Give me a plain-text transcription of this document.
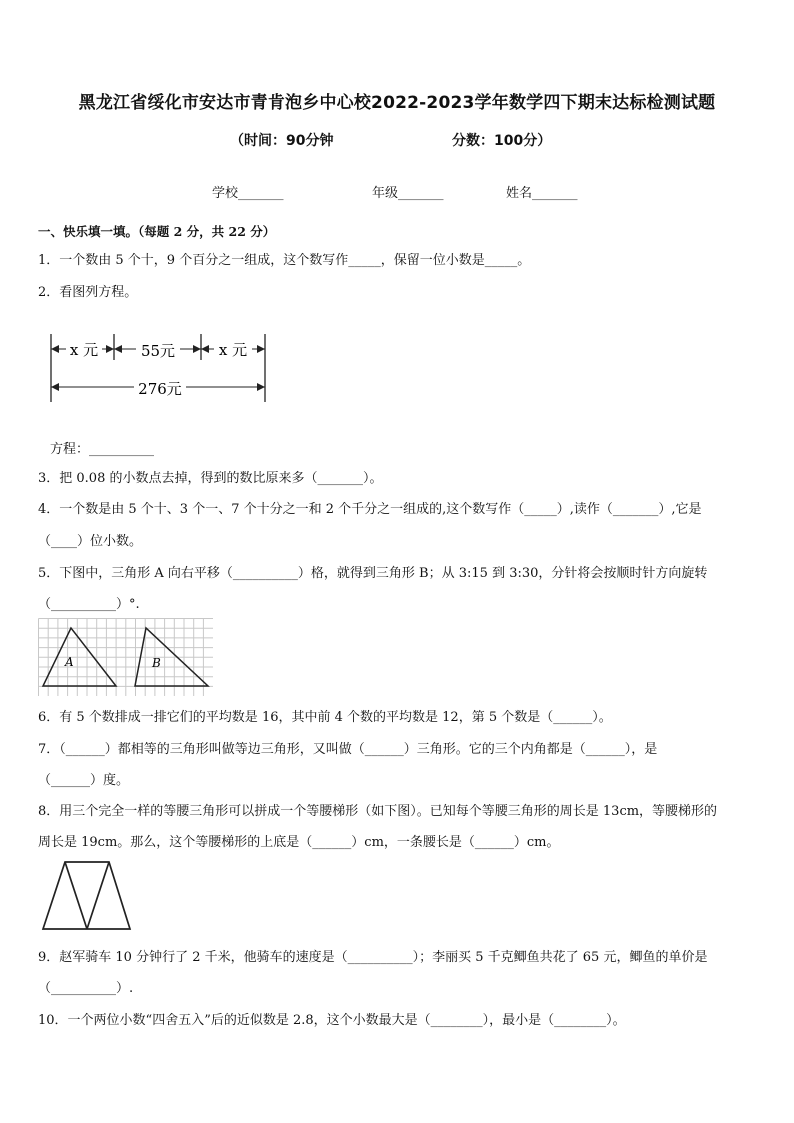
黑龙江省绥化市安达市青肯泡乡中心校2022-2023学年数学四下期末达标检测试题
（时间：90分钟	分数：100分）
学校_______	年级_______	姓名_______
一、快乐填一填。（每题 2 分，共 22 分）
1．一个数由 5 个十，9 个百分之一组成，这个数写作_____，保留一位小数是_____。
2．看图列方程。
x 元	55元	x 元
276元
方程：__________
3．把 0.08 的小数点去掉，得到的数比原来多（_______）。
4．一个数是由 5 个十、3 个一、7 个十分之一和 2 个千分之一组成的,这个数写作（_____）,读作（_______）,它是
（____）位小数。
5．下图中，三角形 A 向右平移（__________）格，就得到三角形 B；从 3:15 到 3:30，分针将会按顺时针方向旋转
（__________）°.
A	B
6．有 5 个数排成一排它们的平均数是 16，其中前 4 个数的平均数是 12，第 5 个数是（______）。
7．（______）都相等的三角形叫做等边三角形，又叫做（______）三角形。它的三个内角都是（______），是
（______）度。
8．用三个完全一样的等腰三角形可以拼成一个等腰梯形（如下图）。已知每个等腰三角形的周长是 13cm，等腰梯形的
周长是 19cm。那么，这个等腰梯形的上底是（______）cm，一条腰长是（______）cm。
9．赵军骑车 10 分钟行了 2 千米，他骑车的速度是（__________）；李丽买 5 千克鲫鱼共花了 65 元，鲫鱼的单价是
（__________）.
10．一个两位小数“四舍五入”后的近似数是 2.8，这个小数最大是（________），最小是（________）。
